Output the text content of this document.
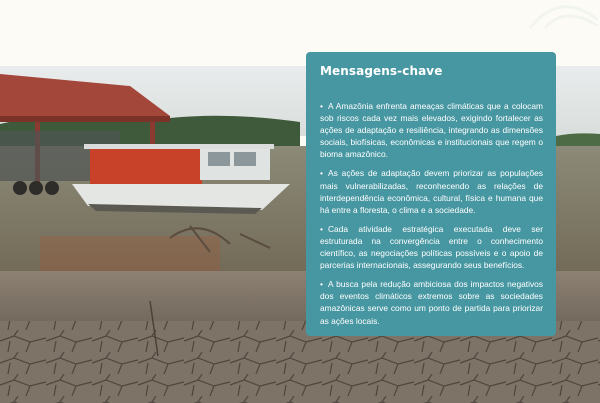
Mensagens-chave
• A Amazônia enfrenta ameaças climáticas que a colocam sob riscos cada vez mais elevados, exigindo fortalecer as ações de adaptação e resiliência, integrando as dimensões sociais, biofísicas, econômicas e institucionais que regem o bioma amazônico.
• As ações de adaptação devem priorizar as populações mais vulnerabilizadas, reconhecendo as relações de interdependência econômica, cultural, física e humana que há entre a floresta, o clima e a sociedade.
• Cada atividade estratégica executada deve ser estruturada na convergência entre o conhecimento científico, as negociações políticas possíveis e o apoio de parcerias internacionais, assegurando seus benefícios.
• A busca pela redução ambiciosa dos impactos negativos dos eventos climáticos extremos sobre as sociedades amazônicas serve como um ponto de partida para priorizar as ações locais.
